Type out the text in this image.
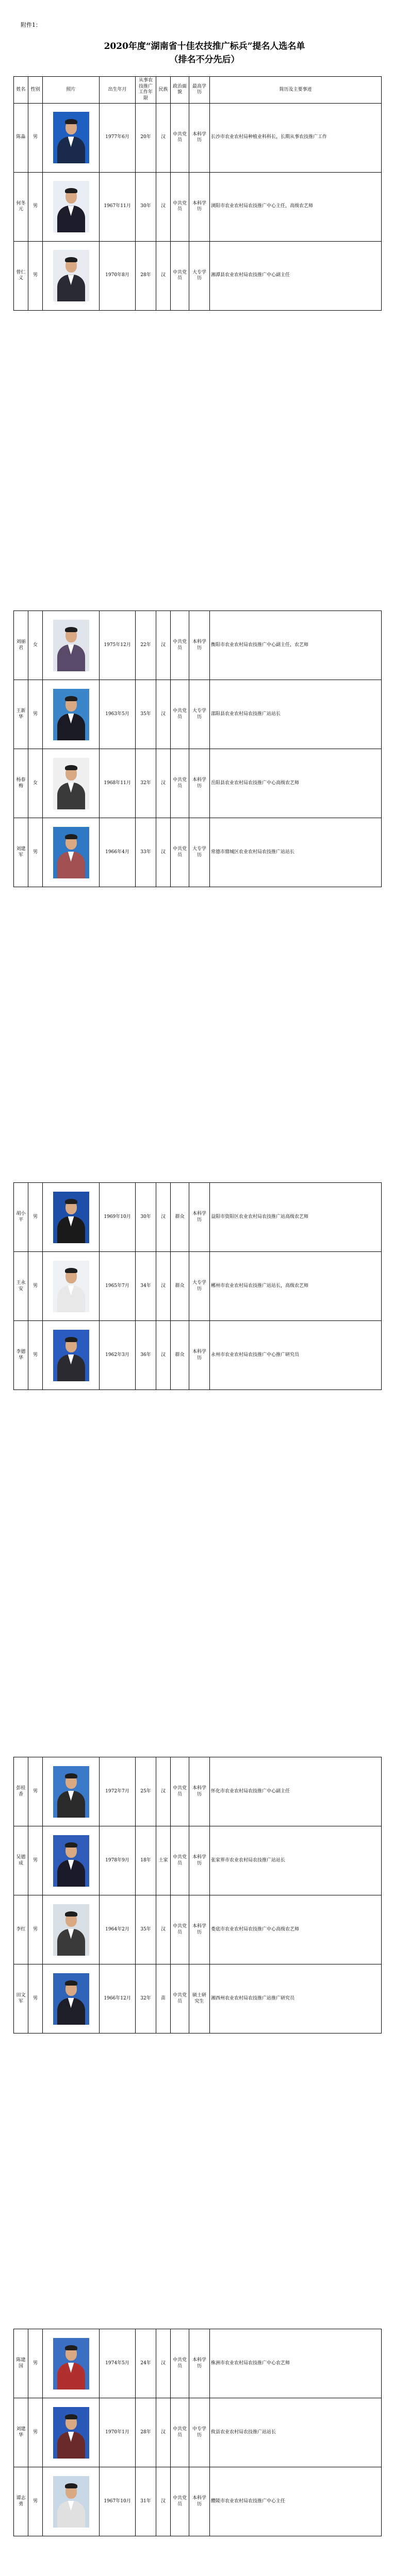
附件1：
2020年度“湖南省十佳农技推广标兵”提名人选名单
（排名不分先后）
姓名	性别	照片	出生年月	从事农技推广工作年限	民族	政治面貌	最高学历	简历及主要事迹
陈淼	男		1977年6月	20年	汉	中共党员	本科学历	长沙市农业农村局种植业科科长，长期从事农技推广工作
何冬元	男		1967年11月	30年	汉	中共党员	本科学历	浏阳市农业农村局农技推广中心主任，高级农艺师
曾仁义	男		1970年8月	28年	汉	中共党员	大专学历	湘潭县农业农村局农技推广中心副主任
刘丽君	女		1975年12月	22年	汉	中共党员	本科学历	衡阳市农业农村局农技推广中心副主任，农艺师
王新华	男		1963年5月	35年	汉	中共党员	大专学历	邵阳县农业农村局农技推广站站长
杨春梅	女		1968年11月	32年	汉	中共党员	本科学历	岳阳县农业农村局农技推广中心高级农艺师
刘建军	男		1966年4月	33年	汉	中共党员	大专学历	常德市鼎城区农业农村局农技推广站站长
胡小平	男		1969年10月	30年	汉	群众	本科学历	益阳市资阳区农业农村局农技推广站高级农艺师
王永安	男		1965年7月	34年	汉	群众	大专学历	郴州市农业农村局农技推广站站长，高级农艺师
李德华	男		1962年3月	36年	汉	群众	本科学历	永州市农业农村局农技推广中心推广研究员
彭桂香	男		1972年7月	25年	汉	中共党员	本科学历	怀化市农业农村局农技推广中心副主任
吴德成	男		1978年9月	18年	土家	中共党员	本科学历	张家界市农业农村局农技推广站站长
李红	男		1964年2月	35年	汉	中共党员	本科学历	娄底市农业农村局农技推广中心高级农艺师
田文军	男		1966年12月	32年	苗	中共党员	硕士研究生	湘西州农业农村局农技推广站推广研究员
陈建国	男		1974年5月	24年	汉	中共党员	本科学历	株洲市农业农村局农技推广中心农艺师
刘建华	男		1970年1月	28年	汉	中共党员	中专学历	攸县农业农村局农技推广站站长
谭志勇	男		1967年10月	31年	汉	中共党员	本科学历	醴陵市农业农村局农技推广中心主任
